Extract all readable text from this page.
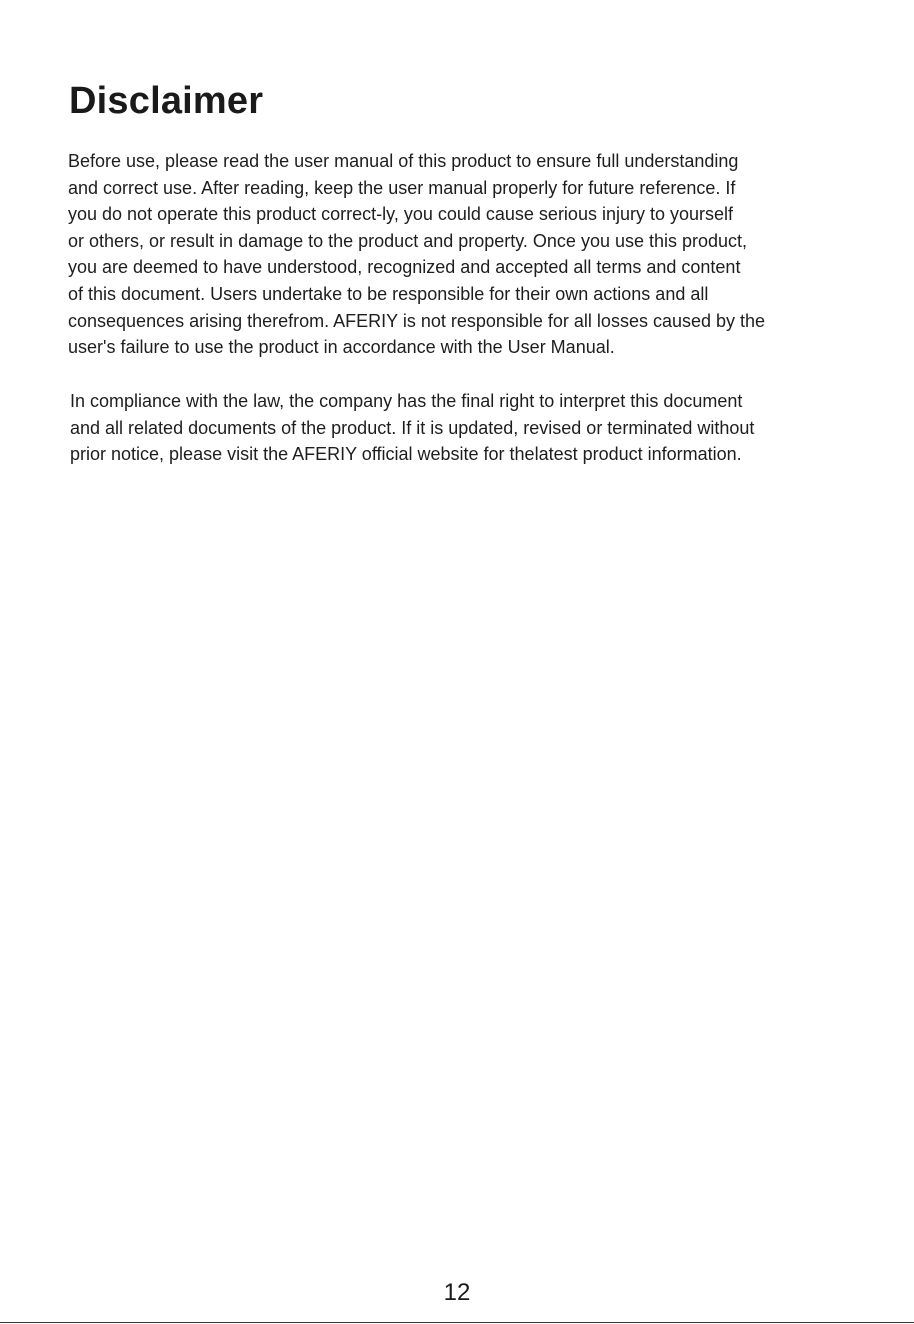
Disclaimer

Before use, please read the user manual of this product to ensure full understanding
and correct use. After reading, keep the user manual properly for future reference. If
you do not operate this product correct-ly, you could cause serious injury to yourself
or others, or result in damage to the product and property. Once you use this product,
you are deemed to have understood, recognized and accepted all terms and content
of this document. Users undertake to be responsible for their own actions and all
consequences arising therefrom. AFERIY is not responsible for all losses caused by the
user's failure to use the product in accordance with the User Manual.

In compliance with the law, the company has the final right to interpret this document
and all related documents of the product. If it is updated, revised or terminated without
prior notice, please visit the AFERIY official website for thelatest product information.

12
